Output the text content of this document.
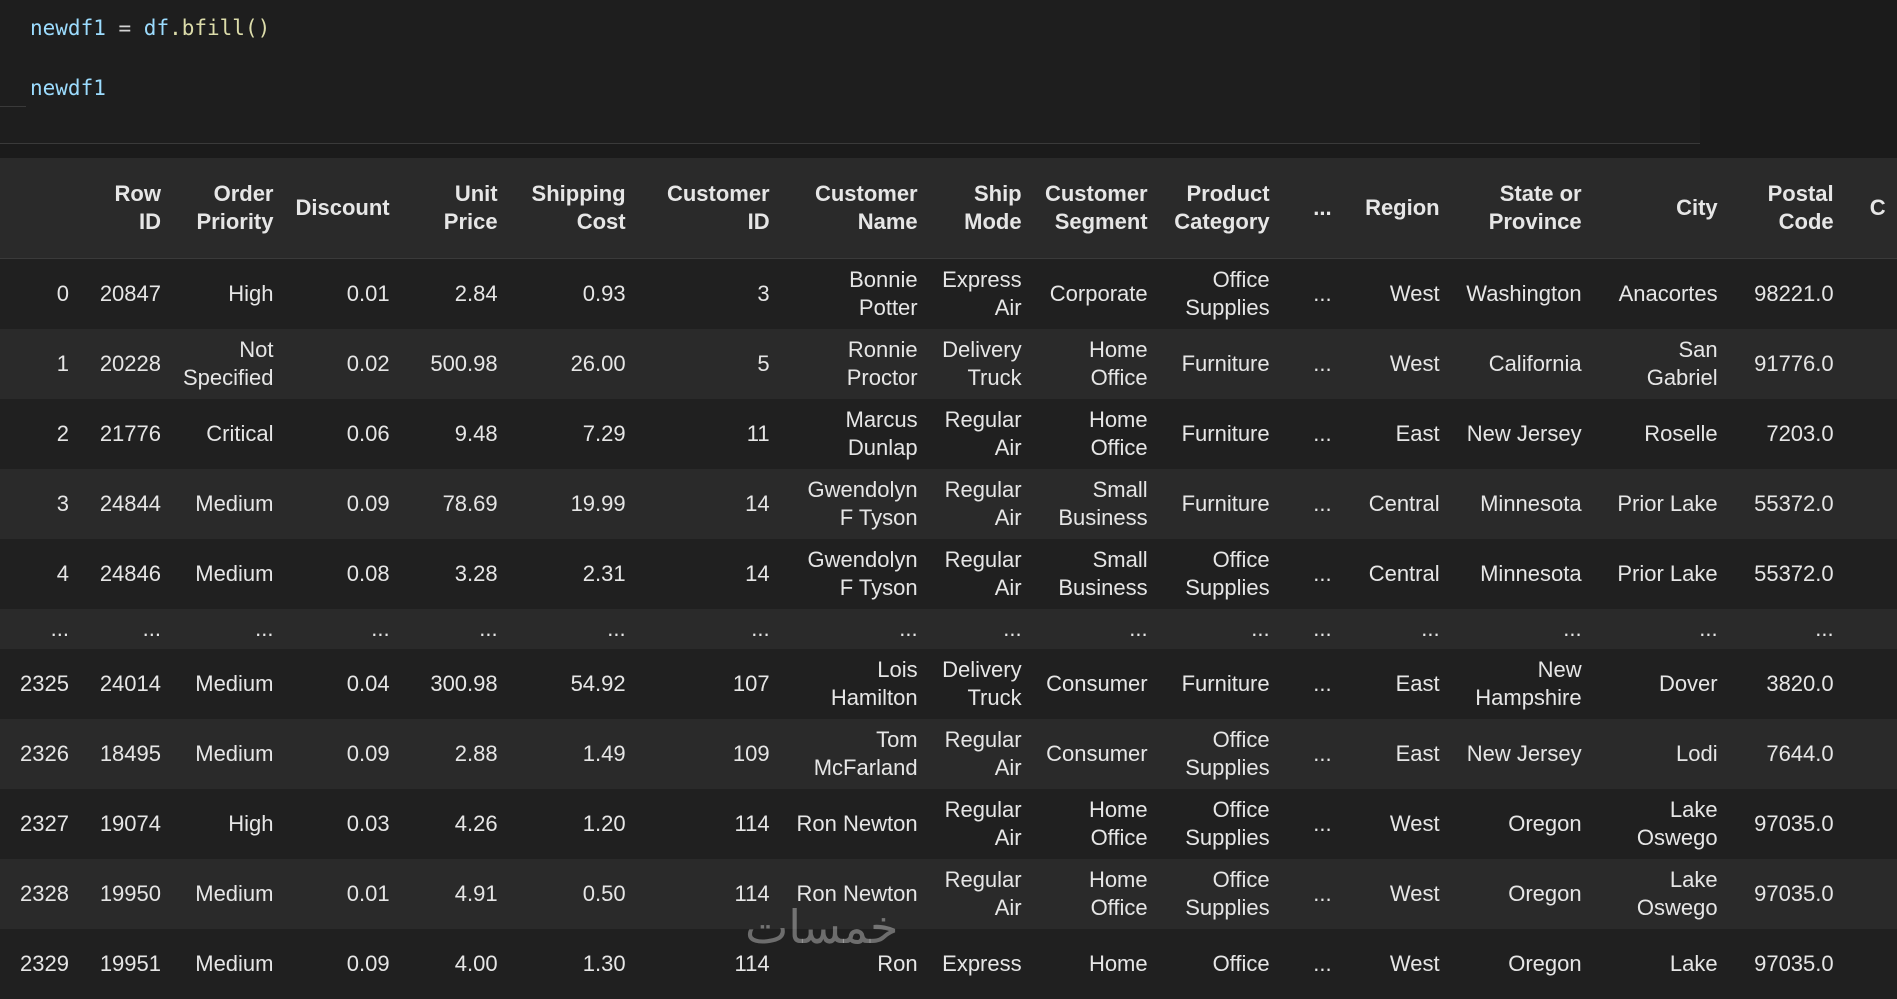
newdf1 = df.bfill()
newdf1
	Row ID	Order Priority	Discount	Unit Price	Shipping Cost	Customer ID	Customer Name	Ship Mode	Customer Segment	Product Category	...	Region	State or Province	City	Postal Code	C
0	20847	High	0.01	2.84	0.93	3	Bonnie Potter	Express Air	Corporate	Office Supplies	...	West	Washington	Anacortes	98221.0	
1	20228	Not Specified	0.02	500.98	26.00	5	Ronnie Proctor	Delivery Truck	Home Office	Furniture	...	West	California	San Gabriel	91776.0	
2	21776	Critical	0.06	9.48	7.29	11	Marcus Dunlap	Regular Air	Home Office	Furniture	...	East	New Jersey	Roselle	7203.0	
3	24844	Medium	0.09	78.69	19.99	14	Gwendolyn F Tyson	Regular Air	Small Business	Furniture	...	Central	Minnesota	Prior Lake	55372.0	
4	24846	Medium	0.08	3.28	2.31	14	Gwendolyn F Tyson	Regular Air	Small Business	Office Supplies	...	Central	Minnesota	Prior Lake	55372.0	
...	...	...	...	...	...	...	...	...	...	...	...	...	...	...	...	
2325	24014	Medium	0.04	300.98	54.92	107	Lois Hamilton	Delivery Truck	Consumer	Furniture	...	East	New Hampshire	Dover	3820.0	
2326	18495	Medium	0.09	2.88	1.49	109	Tom McFarland	Regular Air	Consumer	Office Supplies	...	East	New Jersey	Lodi	7644.0	
2327	19074	High	0.03	4.26	1.20	114	Ron Newton	Regular Air	Home Office	Office Supplies	...	West	Oregon	Lake Oswego	97035.0	
2328	19950	Medium	0.01	4.91	0.50	114	Ron Newton	Regular Air	Home Office	Office Supplies	...	West	Oregon	Lake Oswego	97035.0	
2329	19951	Medium	0.09	4.00	1.30	114	Ron	Express	Home	Office	...	West	Oregon	Lake	97035.0	
خمسات
